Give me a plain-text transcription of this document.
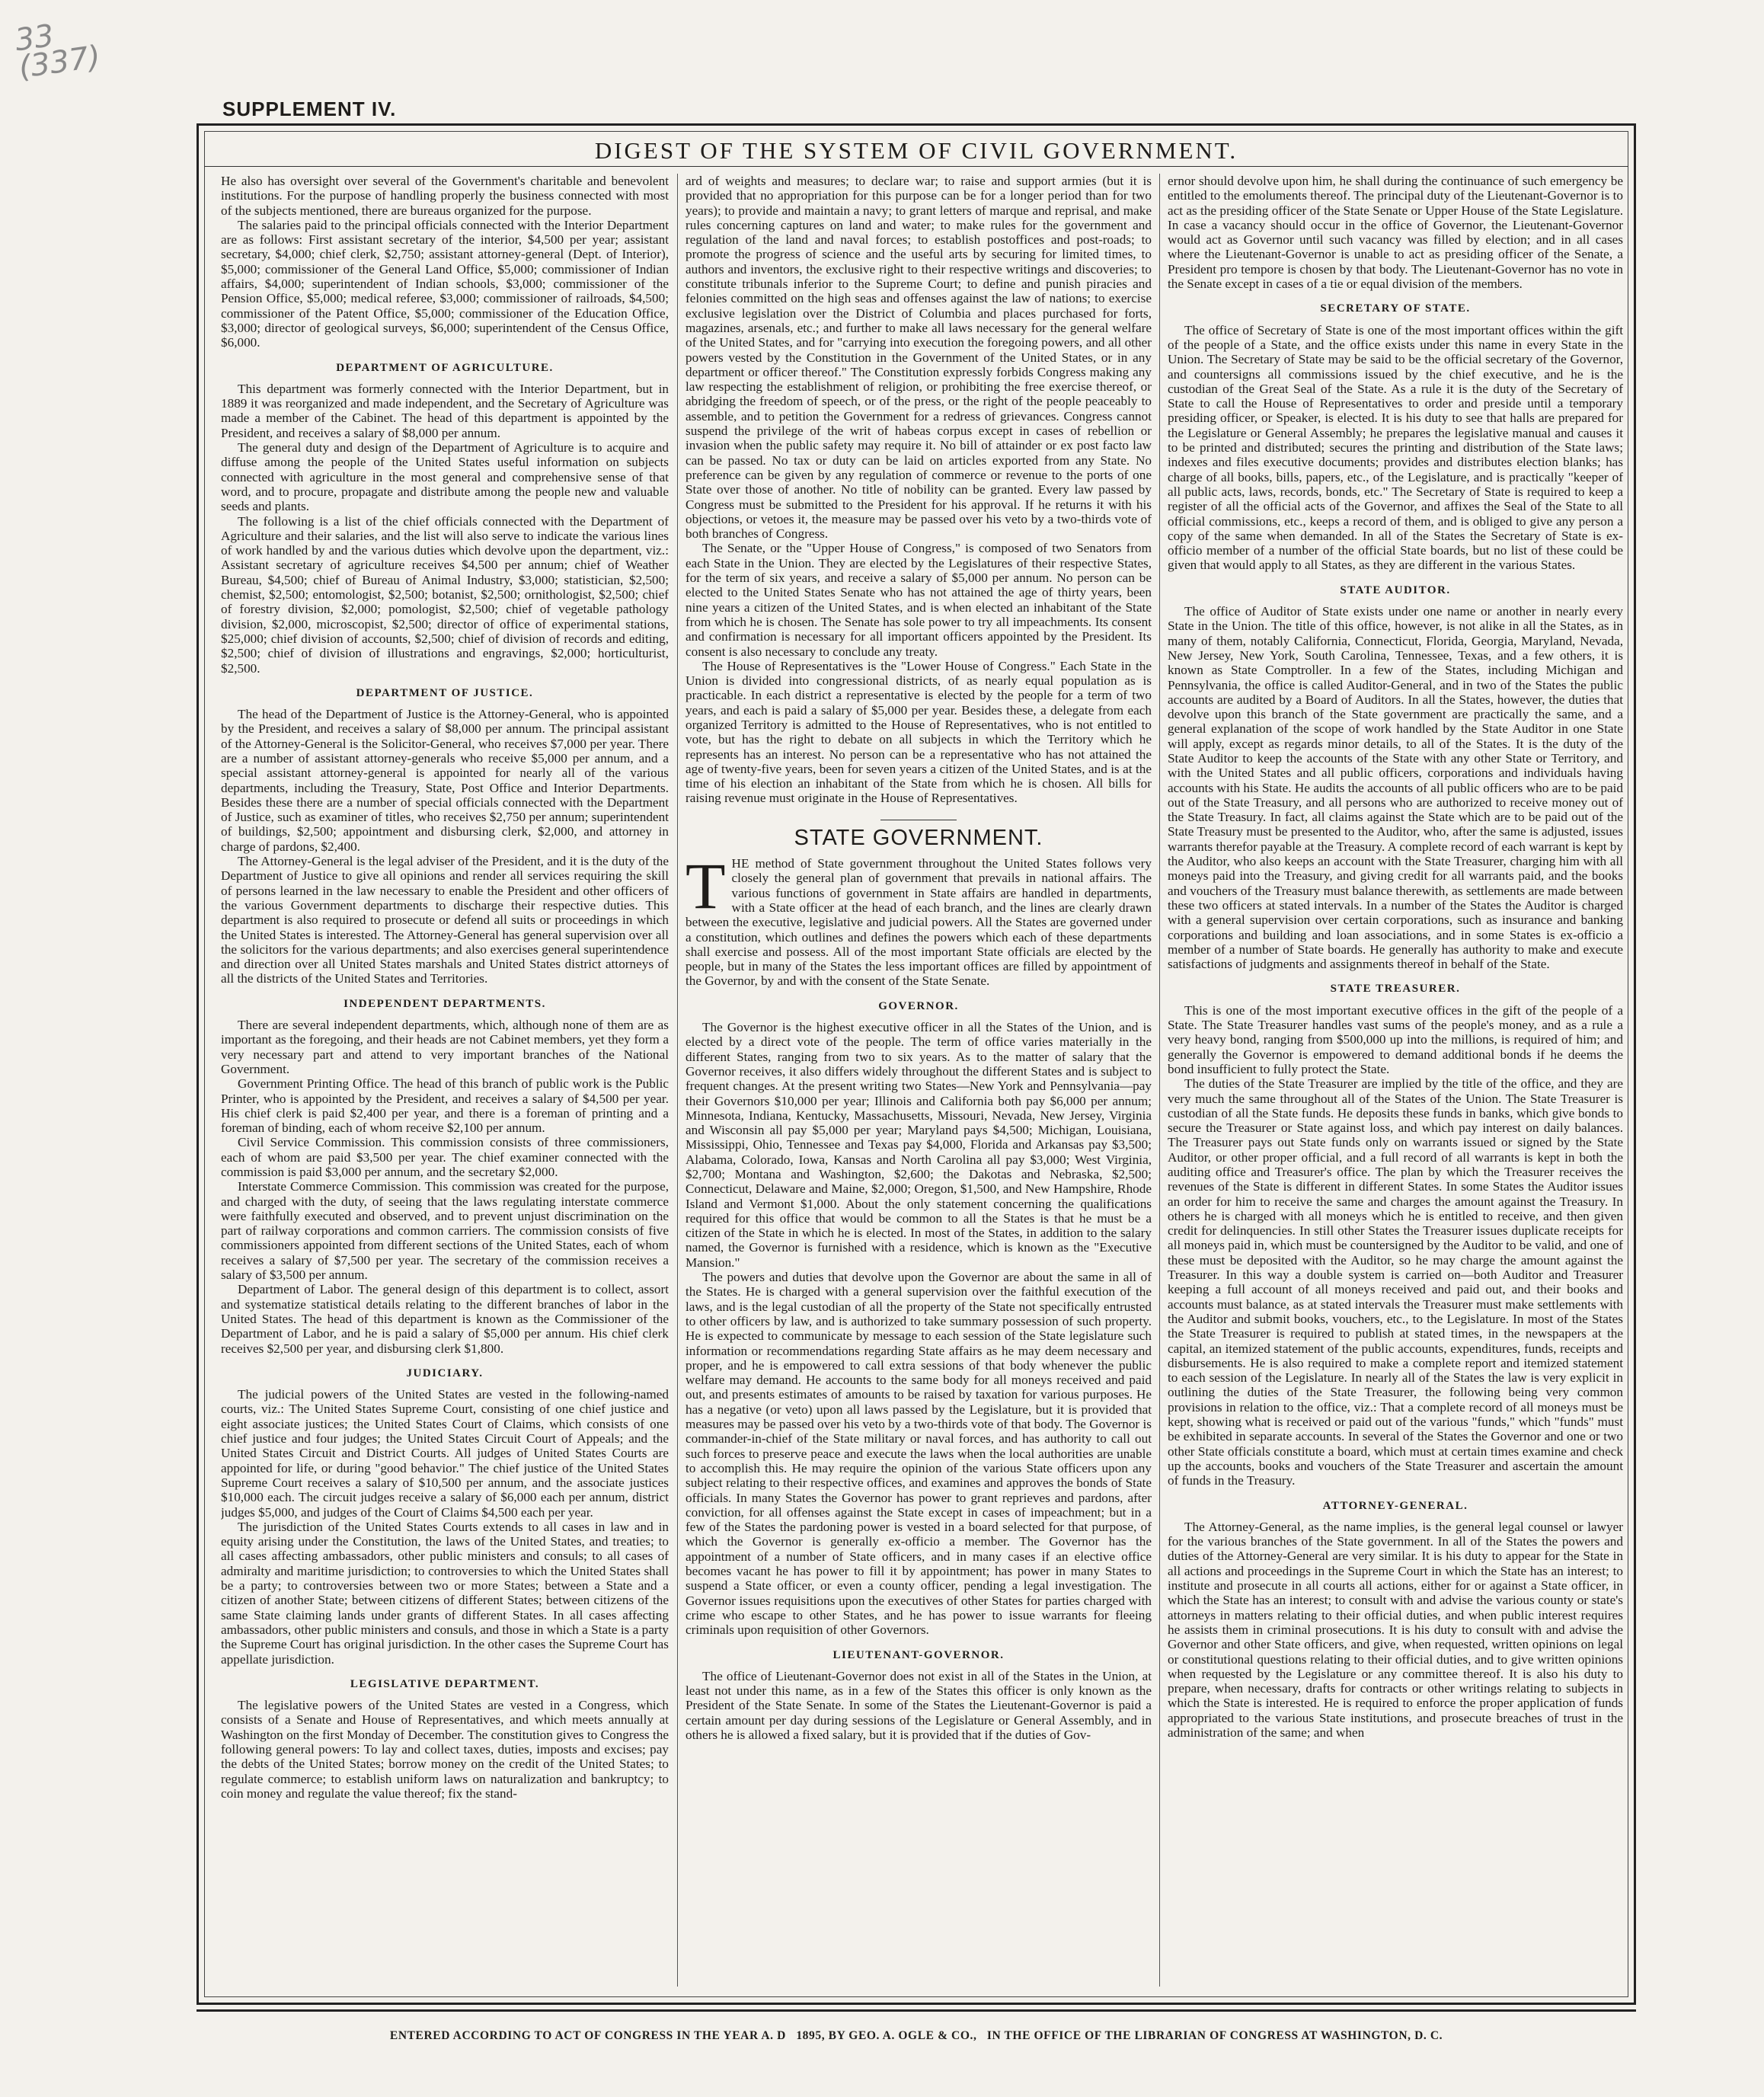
33
(337)
SUPPLEMENT IV.
DIGEST OF THE SYSTEM OF CIVIL GOVERNMENT.

He also has oversight over several of the Government's charitable and benevolent institutions. For the purpose of handling properly the business connected with most of the subjects mentioned, there are bureaus organized for the purpose.

The salaries paid to the principal officials connected with the Interior Department are as follows: First assistant secretary of the interior, $4,500 per year; assistant secretary, $4,000; chief clerk, $2,750; assistant attorney-general (Dept. of Interior), $5,000; commissioner of the General Land Office, $5,000; commissioner of Indian affairs, $4,000; superintendent of Indian schools, $3,000; commissioner of the Pension Office, $5,000; medical referee, $3,000; commissioner of railroads, $4,500; commissioner of the Patent Office, $5,000; commissioner of the Education Office, $3,000; director of geological surveys, $6,000; superintendent of the Census Office, $6,000.

DEPARTMENT OF AGRICULTURE.

This department was formerly connected with the Interior Department, but in 1889 it was reorganized and made independent, and the Secretary of Agriculture was made a member of the Cabinet. The head of this department is appointed by the President, and receives a salary of $8,000 per annum.

The general duty and design of the Department of Agriculture is to acquire and diffuse among the people of the United States useful information on subjects connected with agriculture in the most general and comprehensive sense of that word, and to procure, propagate and distribute among the people new and valuable seeds and plants.

The following is a list of the chief officials connected with the Department of Agriculture and their salaries, and the list will also serve to indicate the various lines of work handled by and the various duties which devolve upon the department, viz.: Assistant secretary of agriculture receives $4,500 per annum; chief of Weather Bureau, $4,500; chief of Bureau of Animal Industry, $3,000; statistician, $2,500; chemist, $2,500; entomologist, $2,500; botanist, $2,500; ornithologist, $2,500; chief of forestry division, $2,000; pomologist, $2,500; chief of vegetable pathology division, $2,000, microscopist, $2,500; director of office of experimental stations, $25,000; chief division of accounts, $2,500; chief of division of records and editing, $2,500; chief of division of illustrations and engravings, $2,000; horticulturist, $2,500.

DEPARTMENT OF JUSTICE.

The head of the Department of Justice is the Attorney-General, who is appointed by the President, and receives a salary of $8,000 per annum. The principal assistant of the Attorney-General is the Solicitor-General, who receives $7,000 per year. There are a number of assistant attorney-generals who receive $5,000 per annum, and a special assistant attorney-general is appointed for nearly all of the various departments, including the Treasury, State, Post Office and Interior Departments. Besides these there are a number of special officials connected with the Department of Justice, such as examiner of titles, who receives $2,750 per annum; superintendent of buildings, $2,500; appointment and disbursing clerk, $2,000, and attorney in charge of pardons, $2,400.

The Attorney-General is the legal adviser of the President, and it is the duty of the Department of Justice to give all opinions and render all services requiring the skill of persons learned in the law necessary to enable the President and other officers of the various Government departments to discharge their respective duties. This department is also required to prosecute or defend all suits or proceedings in which the United States is interested. The Attorney-General has general supervision over all the solicitors for the various departments; and also exercises general superintendence and direction over all United States marshals and United States district attorneys of all the districts of the United States and Territories.

INDEPENDENT DEPARTMENTS.

There are several independent departments, which, although none of them are as important as the foregoing, and their heads are not Cabinet members, yet they form a very necessary part and attend to very important branches of the National Government.

Government Printing Office. The head of this branch of public work is the Public Printer, who is appointed by the President, and receives a salary of $4,500 per year. His chief clerk is paid $2,400 per year, and there is a foreman of printing and a foreman of binding, each of whom receive $2,100 per annum.

Civil Service Commission. This commission consists of three commissioners, each of whom are paid $3,500 per year. The chief examiner connected with the commission is paid $3,000 per annum, and the secretary $2,000.

Interstate Commerce Commission. This commission was created for the purpose, and charged with the duty, of seeing that the laws regulating interstate commerce were faithfully executed and observed, and to prevent unjust discrimination on the part of railway corporations and common carriers. The commission consists of five commissioners appointed from different sections of the United States, each of whom receives a salary of $7,500 per year. The secretary of the commission receives a salary of $3,500 per annum.

Department of Labor. The general design of this department is to collect, assort and systematize statistical details relating to the different branches of labor in the United States. The head of this department is known as the Commissioner of the Department of Labor, and he is paid a salary of $5,000 per annum. His chief clerk receives $2,500 per year, and disbursing clerk $1,800.

JUDICIARY.

The judicial powers of the United States are vested in the following-named courts, viz.: The United States Supreme Court, consisting of one chief justice and eight associate justices; the United States Court of Claims, which consists of one chief justice and four judges; the United States Circuit Court of Appeals; and the United States Circuit and District Courts. All judges of United States Courts are appointed for life, or during "good behavior." The chief justice of the United States Supreme Court receives a salary of $10,500 per annum, and the associate justices $10,000 each. The circuit judges receive a salary of $6,000 each per annum, district judges $5,000, and judges of the Court of Claims $4,500 each per year.

The jurisdiction of the United States Courts extends to all cases in law and in equity arising under the Constitution, the laws of the United States, and treaties; to all cases affecting ambassadors, other public ministers and consuls; to all cases of admiralty and maritime jurisdiction; to controversies to which the United States shall be a party; to controversies between two or more States; between a State and a citizen of another State; between citizens of different States; between citizens of the same State claiming lands under grants of different States. In all cases affecting ambassadors, other public ministers and consuls, and those in which a State is a party the Supreme Court has original jurisdiction. In the other cases the Supreme Court has appellate jurisdiction.

LEGISLATIVE DEPARTMENT.

The legislative powers of the United States are vested in a Congress, which consists of a Senate and House of Representatives, and which meets annually at Washington on the first Monday of December. The constitution gives to Congress the following general powers: To lay and collect taxes, duties, imposts and excises; pay the debts of the United States; borrow money on the credit of the United States; to regulate commerce; to establish uniform laws on naturalization and bankruptcy; to coin money and regulate the value thereof; fix the stand-

ard of weights and measures; to declare war; to raise and support armies (but it is provided that no appropriation for this purpose can be for a longer period than for two years); to provide and maintain a navy; to grant letters of marque and reprisal, and make rules concerning captures on land and water; to make rules for the government and regulation of the land and naval forces; to establish postoffices and post-roads; to promote the progress of science and the useful arts by securing for limited times, to authors and inventors, the exclusive right to their respective writings and discoveries; to constitute tribunals inferior to the Supreme Court; to define and punish piracies and felonies committed on the high seas and offenses against the law of nations; to exercise exclusive legislation over the District of Columbia and places purchased for forts, magazines, arsenals, etc.; and further to make all laws necessary for the general welfare of the United States, and for "carrying into execution the foregoing powers, and all other powers vested by the Constitution in the Government of the United States, or in any department or officer thereof." The Constitution expressly forbids Congress making any law respecting the establishment of religion, or prohibiting the free exercise thereof, or abridging the freedom of speech, or of the press, or the right of the people peaceably to assemble, and to petition the Government for a redress of grievances. Congress cannot suspend the privilege of the writ of habeas corpus except in cases of rebellion or invasion when the public safety may require it. No bill of attainder or ex post facto law can be passed. No tax or duty can be laid on articles exported from any State. No preference can be given by any regulation of commerce or revenue to the ports of one State over those of another. No title of nobility can be granted. Every law passed by Congress must be submitted to the President for his approval. If he returns it with his objections, or vetoes it, the measure may be passed over his veto by a two-thirds vote of both branches of Congress.

The Senate, or the "Upper House of Congress," is composed of two Senators from each State in the Union. They are elected by the Legislatures of their respective States, for the term of six years, and receive a salary of $5,000 per annum. No person can be elected to the United States Senate who has not attained the age of thirty years, been nine years a citizen of the United States, and is when elected an inhabitant of the State from which he is chosen. The Senate has sole power to try all impeachments. Its consent and confirmation is necessary for all important officers appointed by the President. Its consent is also necessary to conclude any treaty.

The House of Representatives is the "Lower House of Congress." Each State in the Union is divided into congressional districts, of as nearly equal population as is practicable. In each district a representative is elected by the people for a term of two years, and each is paid a salary of $5,000 per year. Besides these, a delegate from each organized Territory is admitted to the House of Representatives, who is not entitled to vote, but has the right to debate on all subjects in which the Territory which he represents has an interest. No person can be a representative who has not attained the age of twenty-five years, been for seven years a citizen of the United States, and is at the time of his election an inhabitant of the State from which he is chosen. All bills for raising revenue must originate in the House of Representatives.

STATE GOVERNMENT.

THE method of State government throughout the United States follows very closely the general plan of government that prevails in national affairs. The various functions of government in State affairs are handled in departments, with a State officer at the head of each branch, and the lines are clearly drawn between the executive, legislative and judicial powers. All the States are governed under a constitution, which outlines and defines the powers which each of these departments shall exercise and possess. All of the most important State officials are elected by the people, but in many of the States the less important offices are filled by appointment of the Governor, by and with the consent of the State Senate.

GOVERNOR.

The Governor is the highest executive officer in all the States of the Union, and is elected by a direct vote of the people. The term of office varies materially in the different States, ranging from two to six years. As to the matter of salary that the Governor receives, it also differs widely throughout the different States and is subject to frequent changes. At the present writing two States—New York and Pennsylvania—pay their Governors $10,000 per year; Illinois and California both pay $6,000 per annum; Minnesota, Indiana, Kentucky, Massachusetts, Missouri, Nevada, New Jersey, Virginia and Wisconsin all pay $5,000 per year; Maryland pays $4,500; Michigan, Louisiana, Mississippi, Ohio, Tennessee and Texas pay $4,000, Florida and Arkansas pay $3,500; Alabama, Colorado, Iowa, Kansas and North Carolina all pay $3,000; West Virginia, $2,700; Montana and Washington, $2,600; the Dakotas and Nebraska, $2,500; Connecticut, Delaware and Maine, $2,000; Oregon, $1,500, and New Hampshire, Rhode Island and Vermont $1,000. About the only statement concerning the qualifications required for this office that would be common to all the States is that he must be a citizen of the State in which he is elected. In most of the States, in addition to the salary named, the Governor is furnished with a residence, which is known as the "Executive Mansion."

The powers and duties that devolve upon the Governor are about the same in all of the States. He is charged with a general supervision over the faithful execution of the laws, and is the legal custodian of all the property of the State not specifically entrusted to other officers by law, and is authorized to take summary possession of such property. He is expected to communicate by message to each session of the State legislature such information or recommendations regarding State affairs as he may deem necessary and proper, and he is empowered to call extra sessions of that body whenever the public welfare may demand. He accounts to the same body for all moneys received and paid out, and presents estimates of amounts to be raised by taxation for various purposes. He has a negative (or veto) upon all laws passed by the Legislature, but it is provided that measures may be passed over his veto by a two-thirds vote of that body. The Governor is commander-in-chief of the State military or naval forces, and has authority to call out such forces to preserve peace and execute the laws when the local authorities are unable to accomplish this. He may require the opinion of the various State officers upon any subject relating to their respective offices, and examines and approves the bonds of State officials. In many States the Governor has power to grant reprieves and pardons, after conviction, for all offenses against the State except in cases of impeachment; but in a few of the States the pardoning power is vested in a board selected for that purpose, of which the Governor is generally ex-officio a member. The Governor has the appointment of a number of State officers, and in many cases if an elective office becomes vacant he has power to fill it by appointment; has power in many States to suspend a State officer, or even a county officer, pending a legal investigation. The Governor issues requisitions upon the executives of other States for parties charged with crime who escape to other States, and he has power to issue warrants for fleeing criminals upon requisition of other Governors.

LIEUTENANT-GOVERNOR.

The office of Lieutenant-Governor does not exist in all of the States in the Union, at least not under this name, as in a few of the States this officer is only known as the President of the State Senate. In some of the States the Lieutenant-Governor is paid a certain amount per day during sessions of the Legislature or General Assembly, and in others he is allowed a fixed salary, but it is provided that if the duties of Gov-

ernor should devolve upon him, he shall during the continuance of such emergency be entitled to the emoluments thereof. The principal duty of the Lieutenant-Governor is to act as the presiding officer of the State Senate or Upper House of the State Legislature. In case a vacancy should occur in the office of Governor, the Lieutenant-Governor would act as Governor until such vacancy was filled by election; and in all cases where the Lieutenant-Governor is unable to act as presiding officer of the Senate, a President pro tempore is chosen by that body. The Lieutenant-Governor has no vote in the Senate except in cases of a tie or equal division of the members.

SECRETARY OF STATE.

The office of Secretary of State is one of the most important offices within the gift of the people of a State, and the office exists under this name in every State in the Union. The Secretary of State may be said to be the official secretary of the Governor, and countersigns all commissions issued by the chief executive, and he is the custodian of the Great Seal of the State. As a rule it is the duty of the Secretary of State to call the House of Representatives to order and preside until a temporary presiding officer, or Speaker, is elected. It is his duty to see that halls are prepared for the Legislature or General Assembly; he prepares the legislative manual and causes it to be printed and distributed; secures the printing and distribution of the State laws; indexes and files executive documents; provides and distributes election blanks; has charge of all books, bills, papers, etc., of the Legislature, and is practically "keeper of all public acts, laws, records, bonds, etc." The Secretary of State is required to keep a register of all the official acts of the Governor, and affixes the Seal of the State to all official commissions, etc., keeps a record of them, and is obliged to give any person a copy of the same when demanded. In all of the States the Secretary of State is ex-officio member of a number of the official State boards, but no list of these could be given that would apply to all States, as they are different in the various States.

STATE AUDITOR.

The office of Auditor of State exists under one name or another in nearly every State in the Union. The title of this office, however, is not alike in all the States, as in many of them, notably California, Connecticut, Florida, Georgia, Maryland, Nevada, New Jersey, New York, South Carolina, Tennessee, Texas, and a few others, it is known as State Comptroller. In a few of the States, including Michigan and Pennsylvania, the office is called Auditor-General, and in two of the States the public accounts are audited by a Board of Auditors. In all the States, however, the duties that devolve upon this branch of the State government are practically the same, and a general explanation of the scope of work handled by the State Auditor in one State will apply, except as regards minor details, to all of the States. It is the duty of the State Auditor to keep the accounts of the State with any other State or Territory, and with the United States and all public officers, corporations and individuals having accounts with his State. He audits the accounts of all public officers who are to be paid out of the State Treasury, and all persons who are authorized to receive money out of the State Treasury. In fact, all claims against the State which are to be paid out of the State Treasury must be presented to the Auditor, who, after the same is adjusted, issues warrants therefor payable at the Treasury. A complete record of each warrant is kept by the Auditor, who also keeps an account with the State Treasurer, charging him with all moneys paid into the Treasury, and giving credit for all warrants paid, and the books and vouchers of the Treasury must balance therewith, as settlements are made between these two officers at stated intervals. In a number of the States the Auditor is charged with a general supervision over certain corporations, such as insurance and banking corporations and building and loan associations, and in some States is ex-officio a member of a number of State boards. He generally has authority to make and execute satisfactions of judgments and assignments thereof in behalf of the State.

STATE TREASURER.

This is one of the most important executive offices in the gift of the people of a State. The State Treasurer handles vast sums of the people's money, and as a rule a very heavy bond, ranging from $500,000 up into the millions, is required of him; and generally the Governor is empowered to demand additional bonds if he deems the bond insufficient to fully protect the State.

The duties of the State Treasurer are implied by the title of the office, and they are very much the same throughout all of the States of the Union. The State Treasurer is custodian of all the State funds. He deposits these funds in banks, which give bonds to secure the Treasurer or State against loss, and which pay interest on daily balances. The Treasurer pays out State funds only on warrants issued or signed by the State Auditor, or other proper official, and a full record of all warrants is kept in both the auditing office and Treasurer's office. The plan by which the Treasurer receives the revenues of the State is different in different States. In some States the Auditor issues an order for him to receive the same and charges the amount against the Treasury. In others he is charged with all moneys which he is entitled to receive, and then given credit for delinquencies. In still other States the Treasurer issues duplicate receipts for all moneys paid in, which must be countersigned by the Auditor to be valid, and one of these must be deposited with the Auditor, so he may charge the amount against the Treasurer. In this way a double system is carried on—both Auditor and Treasurer keeping a full account of all moneys received and paid out, and their books and accounts must balance, as at stated intervals the Treasurer must make settlements with the Auditor and submit books, vouchers, etc., to the Legislature. In most of the States the State Treasurer is required to publish at stated times, in the newspapers at the capital, an itemized statement of the public accounts, expenditures, funds, receipts and disbursements. He is also required to make a complete report and itemized statement to each session of the Legislature. In nearly all of the States the law is very explicit in outlining the duties of the State Treasurer, the following being very common provisions in relation to the office, viz.: That a complete record of all moneys must be kept, showing what is received or paid out of the various "funds," which "funds" must be exhibited in separate accounts. In several of the States the Governor and one or two other State officials constitute a board, which must at certain times examine and check up the accounts, books and vouchers of the State Treasurer and ascertain the amount of funds in the Treasury.

ATTORNEY-GENERAL.

The Attorney-General, as the name implies, is the general legal counsel or lawyer for the various branches of the State government. In all of the States the powers and duties of the Attorney-General are very similar. It is his duty to appear for the State in all actions and proceedings in the Supreme Court in which the State has an interest; to institute and prosecute in all courts all actions, either for or against a State officer, in which the State has an interest; to consult with and advise the various county or state's attorneys in matters relating to their official duties, and when public interest requires he assists them in criminal prosecutions. It is his duty to consult with and advise the Governor and other State officers, and give, when requested, written opinions on legal or constitutional questions relating to their official duties, and to give written opinions when requested by the Legislature or any committee thereof. It is also his duty to prepare, when necessary, drafts for contracts or other writings relating to subjects in which the State is interested. He is required to enforce the proper application of funds appropriated to the various State institutions, and prosecute breaches of trust in the administration of the same; and when

ENTERED ACCORDING TO ACT OF CONGRESS IN THE YEAR A. D   1895, BY GEO. A. OGLE & CO.,   IN THE OFFICE OF THE LIBRARIAN OF CONGRESS AT WASHINGTON, D. C.
